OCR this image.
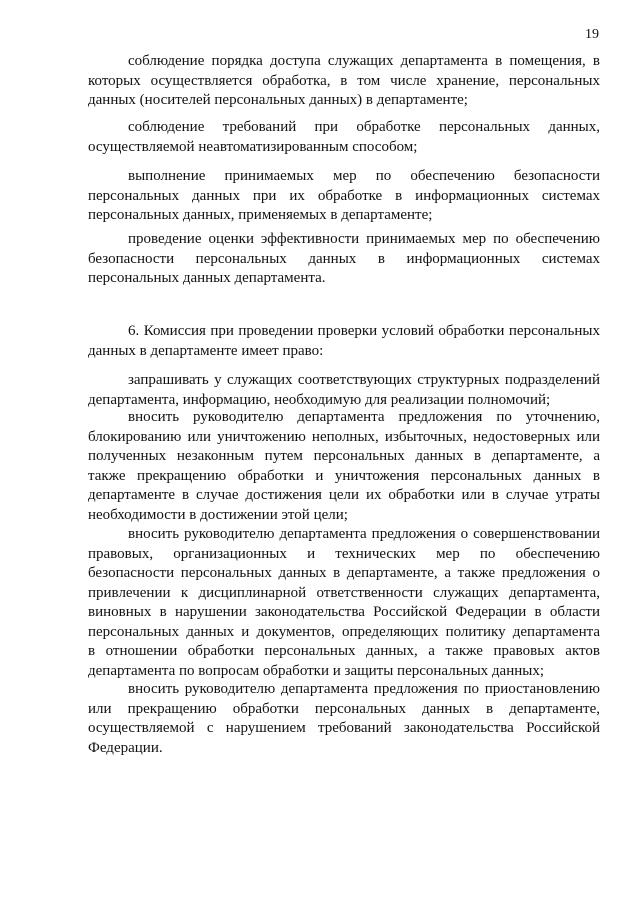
19
соблюдение порядка доступа служащих департамента в помещения, в
которых осуществляется обработка, в том числе хранение, персональных
данных (носителей персональных данных) в департаменте;
соблюдение требований при обработке персональных данных,
осуществляемой неавтоматизированным способом;
выполнение принимаемых мер по обеспечению безопасности
персональных данных при их обработке в информационных системах
персональных данных, применяемых в департаменте;
проведение оценки эффективности принимаемых мер по обеспечению
безопасности персональных данных в информационных системах
персональных данных департамента.
6. Комиссия при проведении проверки условий обработки персональных
данных в департаменте имеет право:
запрашивать у служащих соответствующих структурных подразделений
департамента, информацию, необходимую для реализации полномочий;
вносить руководителю департамента предложения по уточнению,
блокированию или уничтожению неполных, избыточных, недостоверных или
полученных незаконным путем персональных данных в департаменте, а
также прекращению обработки и уничтожения персональных данных в
департаменте в случае достижения цели их обработки или в случае утраты
необходимости в достижении этой цели;
вносить руководителю департамента предложения о совершенствовании
правовых, организационных и технических мер по обеспечению
безопасности персональных данных в департаменте, а также предложения о
привлечении к дисциплинарной ответственности служащих департамента,
виновных в нарушении законодательства Российской Федерации в области
персональных данных и документов, определяющих политику департамента
в отношении обработки персональных данных, а также правовых актов
департамента по вопросам обработки и защиты персональных данных;
вносить руководителю департамента предложения по приостановлению
или прекращению обработки персональных данных в департаменте,
осуществляемой с нарушением требований законодательства Российской
Федерации.
